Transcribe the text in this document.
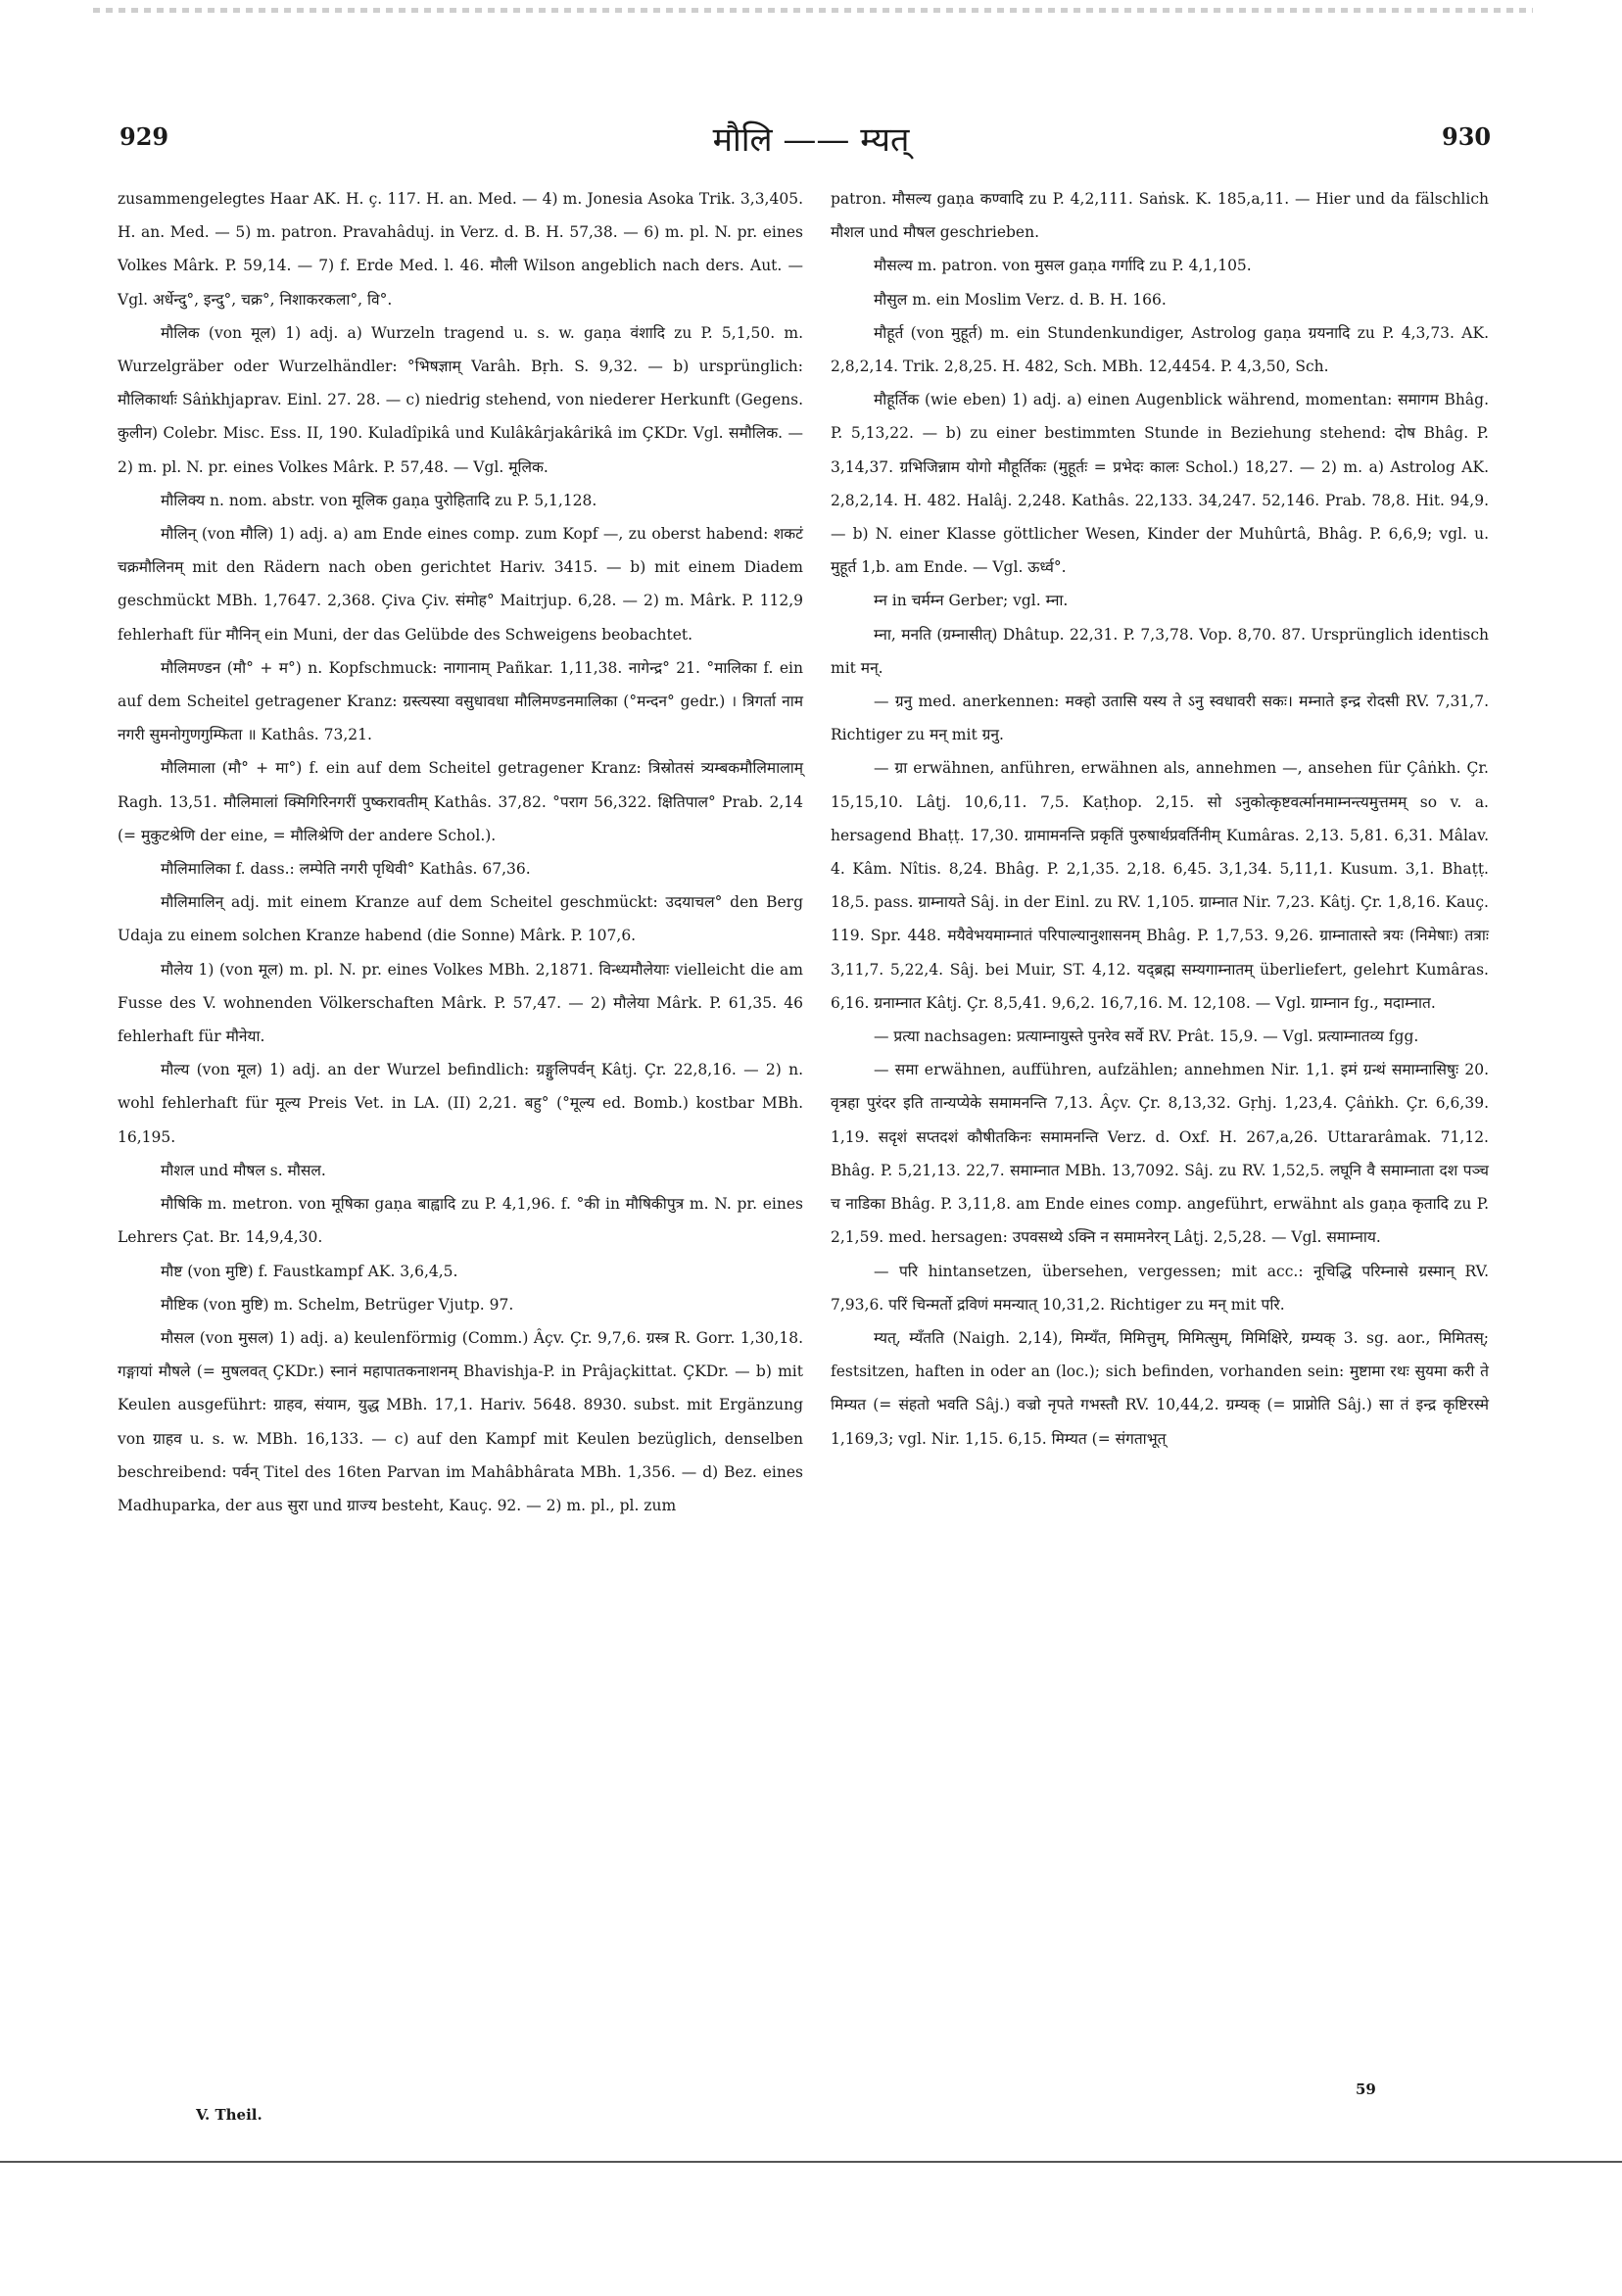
929	मौलि —— म्यत्	930

zusammengelegtes Haar AK. H. ç. 117. H. an. Med. — 4) m. Jonesia Asoka Trik. 3,3,405. H. an. Med. — 5) m. patron. Pravahâduj. in Verz. d. B. H. 57,38. — 6) m. pl. N. pr. eines Volkes Mârk. P. 59,14. — 7) f. Erde Med. l. 46. मौली Wilson angeblich nach ders. Aut. — Vgl. अर्धेन्दु°, इन्दु°, चक्र°, निशाकरकला°, वि°.

मौलिक (von मूल) 1) adj. a) Wurzeln tragend u. s. w. gaṇa वंशादि zu P. 5,1,50. m. Wurzelgräber oder Wurzelhändler: °भिषज्ञाम् Varâh. Bṛh. S. 9,32. — b) ursprünglich: मौलिकार्थाः Sâṅkhjaprav. Einl. 27. 28. — c) niedrig stehend, von niederer Herkunft (Gegens. कुलीन) Colebr. Misc. Ess. II, 190. Kuladîpikâ und Kulâkârjakârikâ im ÇKDr. Vgl. समौलिक. — 2) m. pl. N. pr. eines Volkes Mârk. P. 57,48. — Vgl. मूलिक.

मौलिक्य n. nom. abstr. von मूलिक gaṇa पुरोहितादि zu P. 5,1,128.

मौलिन् (von मौलि) 1) adj. a) am Ende eines comp. zum Kopf —, zu oberst habend: शकटं चक्रमौलिनम् mit den Rädern nach oben gerichtet Hariv. 3415. — b) mit einem Diadem geschmückt MBh. 1,7647. 2,368. Çiva Çiv. संमोह° Maitrjup. 6,28. — 2) m. Mârk. P. 112,9 fehlerhaft für मौनिन् ein Muni, der das Gelübde des Schweigens beobachtet.

मौलिमण्डन (मौ° + म°) n. Kopfschmuck: नागानाम् Pañkar. 1,11,38. नागेन्द्र° 21. °मालिका f. ein auf dem Scheitel getragener Kranz: ग्रस्त्यस्या वसुधावधा मौलिमण्डनमालिका (°मन्दन° gedr.) । त्रिगर्ता नाम नगरी सुमनोगुणगुम्फिता ॥ Kathâs. 73,21.

मौलिमाला (मौ° + मा°) f. ein auf dem Scheitel getragener Kranz: त्रिस्रोतसं त्र्यम्बकमौलिमालाम् Ragh. 13,51. मौलिमालां क्मिगिरिनगरीं पुष्करावतीम् Kathâs. 37,82. °पराग 56,322. क्षितिपाल° Prab. 2,14 (= मुकुटश्रेणि der eine, = मौलिश्रेणि der andere Schol.).

मौलिमालिका f. dass.: लम्पेति नगरी पृथिवी° Kathâs. 67,36.

मौलिमालिन् adj. mit einem Kranze auf dem Scheitel geschmückt: उदयाचल° den Berg Udaja zu einem solchen Kranze habend (die Sonne) Mârk. P. 107,6.

मौलेय 1) (von मूल) m. pl. N. pr. eines Volkes MBh. 2,1871. विन्ध्यमौलेयाः vielleicht die am Fusse des V. wohnenden Völkerschaften Mârk. P. 57,47. — 2) मौलेया Mârk. P. 61,35. 46 fehlerhaft für मौनेया.

मौल्य (von मूल) 1) adj. an der Wurzel befindlich: ग्रङ्गुलिपर्वन् Kâtj. Çr. 22,8,16. — 2) n. wohl fehlerhaft für मूल्य Preis Vet. in LA. (II) 2,21. बहु° (°मूल्य ed. Bomb.) kostbar MBh. 16,195.

मौशल und मौषल s. मौसल.

मौषिकि m. metron. von मूषिका gaṇa बाह्वादि zu P. 4,1,96. f. °की in मौषिकीपुत्र m. N. pr. eines Lehrers Çat. Br. 14,9,4,30.

मौष्ट (von मुष्टि) f. Faustkampf AK. 3,6,4,5.

मौष्टिक (von मुष्टि) m. Schelm, Betrüger Vjutp. 97.

मौसल (von मुसल) 1) adj. a) keulenförmig (Comm.) Âçv. Çr. 9,7,6. ग्रस्त्र R. Gorr. 1,30,18. गङ्गायां मौषले (= मुषलवत् ÇKDr.) स्नानं महापातकनाशनम् Bhavishja-P. in Prâjaçkittat. ÇKDr. — b) mit Keulen ausgeführt: ग्राहव, संयाम, युद्ध MBh. 17,1. Hariv. 5648. 8930. subst. mit Ergänzung von ग्राहव u. s. w. MBh. 16,133. — c) auf den Kampf mit Keulen bezüglich, denselben beschreibend: पर्वन् Titel des 16ten Parvan im Mahâbhârata MBh. 1,356. — d) Bez. eines Madhuparka, der aus सुरा und ग्राज्य besteht, Kauç. 92. — 2) m. pl., pl. zum

patron. मौसल्य gaṇa कण्वादि zu P. 4,2,111. Saṅsk. K. 185,a,11. — Hier und da fälschlich मौशल und मौषल geschrieben.

मौसल्य m. patron. von मुसल gaṇa गर्गादि zu P. 4,1,105.

मौसुल m. ein Moslim Verz. d. B. H. 166.

मौहूर्त (von मुहूर्त) m. ein Stundenkundiger, Astrolog gaṇa ग्रयनादि zu P. 4,3,73. AK. 2,8,2,14. Trik. 2,8,25. H. 482, Sch. MBh. 12,4454. P. 4,3,50, Sch.

मौहूर्तिक (wie eben) 1) adj. a) einen Augenblick während, momentan: समागम Bhâg. P. 5,13,22. — b) zu einer bestimmten Stunde in Beziehung stehend: दोष Bhâg. P. 3,14,37. ग्रभिजिन्नाम योगो मौहूर्तिकः (मुहूर्तः = प्रभेदः कालः Schol.) 18,27. — 2) m. a) Astrolog AK. 2,8,2,14. H. 482. Halâj. 2,248. Kathâs. 22,133. 34,247. 52,146. Prab. 78,8. Hit. 94,9. — b) N. einer Klasse göttlicher Wesen, Kinder der Muhûrtâ, Bhâg. P. 6,6,9; vgl. u. मुहूर्त 1,b. am Ende. — Vgl. ऊर्ध्व°.

म्न in चर्मम्न Gerber; vgl. म्ना.

म्ना, मनति (ग्रम्नासीत्) Dhâtup. 22,31. P. 7,3,78. Vop. 8,70. 87. Ursprünglich identisch mit मन्.

— ग्रनु med. anerkennen: मक्हो उतासि यस्य ते ऽनु स्वधावरी सकः। मम्नाते इन्द्र रोदसी RV. 7,31,7. Richtiger zu मन् mit ग्रनु.

— ग्रा erwähnen, anführen, erwähnen als, annehmen —, ansehen für Çâṅkh. Çr. 15,15,10. Lâṭj. 10,6,11. 7,5. Kaṭhop. 2,15. सो ऽनुकोत्कृष्टवर्त्मानमाम्नन्त्यमुत्तमम् so v. a. hersagend Bhaṭṭ. 17,30. ग्रामामनन्ति प्रकृतिं पुरुषार्थप्रवर्तिनीम् Kumâras. 2,13. 5,81. 6,31. Mâlav. 4. Kâm. Nîtis. 8,24. Bhâg. P. 2,1,35. 2,18. 6,45. 3,1,34. 5,11,1. Kusum. 3,1. Bhaṭṭ. 18,5. pass. ग्राम्नायते Sâj. in der Einl. zu RV. 1,105. ग्राम्नात Nir. 7,23. Kâtj. Çr. 1,8,16. Kauç. 119. Spr. 448. मयैवेभयमाम्नातं परिपाल्यानुशासनम् Bhâg. P. 1,7,53. 9,26. ग्राम्नातास्ते त्रयः (निमेषाः) तत्राः 3,11,7. 5,22,4. Sâj. bei Muir, ST. 4,12. यद्ब्रह्म सम्यगाम्नातम् überliefert, gelehrt Kumâras. 6,16. ग्रनाम्नात Kâtj. Çr. 8,5,41. 9,6,2. 16,7,16. M. 12,108. — Vgl. ग्राम्नान fg., मदाम्नात.

— प्रत्या nachsagen: प्रत्याम्नायुस्ते पुनरेव सर्वे RV. Prât. 15,9. — Vgl. प्रत्याम्नातव्य fgg.

— समा erwähnen, aufführen, aufzählen; annehmen Nir. 1,1. इमं ग्रन्थं समाम्नासिषुः 20. वृत्रहा पुरंदर इति तान्यप्येके समामनन्ति 7,13. Âçv. Çr. 8,13,32. Gṛhj. 1,23,4. Çâṅkh. Çr. 6,6,39. 1,19. सदृशं सप्तदशं कौषीतकिनः समामनन्ति Verz. d. Oxf. H. 267,a,26. Uttararâmak. 71,12. Bhâg. P. 5,21,13. 22,7. समाम्नात MBh. 13,7092. Sâj. zu RV. 1,52,5. लघूनि वै समाम्नाता दश पञ्च च नाडिका Bhâg. P. 3,11,8. am Ende eines comp. angeführt, erwähnt als gaṇa कृतादि zu P. 2,1,59. med. hersagen: उपवसथ्ये ऽक्नि न समामनेरन् Lâṭj. 2,5,28. — Vgl. समाम्नाय.

— परि hintansetzen, übersehen, vergessen; mit acc.: नूचिद्धि परिम्नासे ग्रस्मान् RV. 7,93,6. परिं चिन्मर्तो द्रविणं ममन्यात् 10,31,2. Richtiger zu मन् mit परि.

म्यत्, म्यँतति (Naigh. 2,14), मिम्यँत, मिमित्तुम्, मिमित्सुम्, मिमिक्षिरे, ग्रम्यक् 3. sg. aor., मिमितस्; festsitzen, haften in oder an (loc.); sich befinden, vorhanden sein: मुष्टामा रथः सुयमा करी ते मिम्यत (= संहतो भवति Sâj.) वज्रो नृपते गभस्तौ RV. 10,44,2. ग्रम्यक् (= प्राप्नोति Sâj.) सा तं इन्द्र कृष्टिरस्मे 1,169,3; vgl. Nir. 1,15. 6,15. मिम्यत (= संगताभूत्

V. Theil.
59
